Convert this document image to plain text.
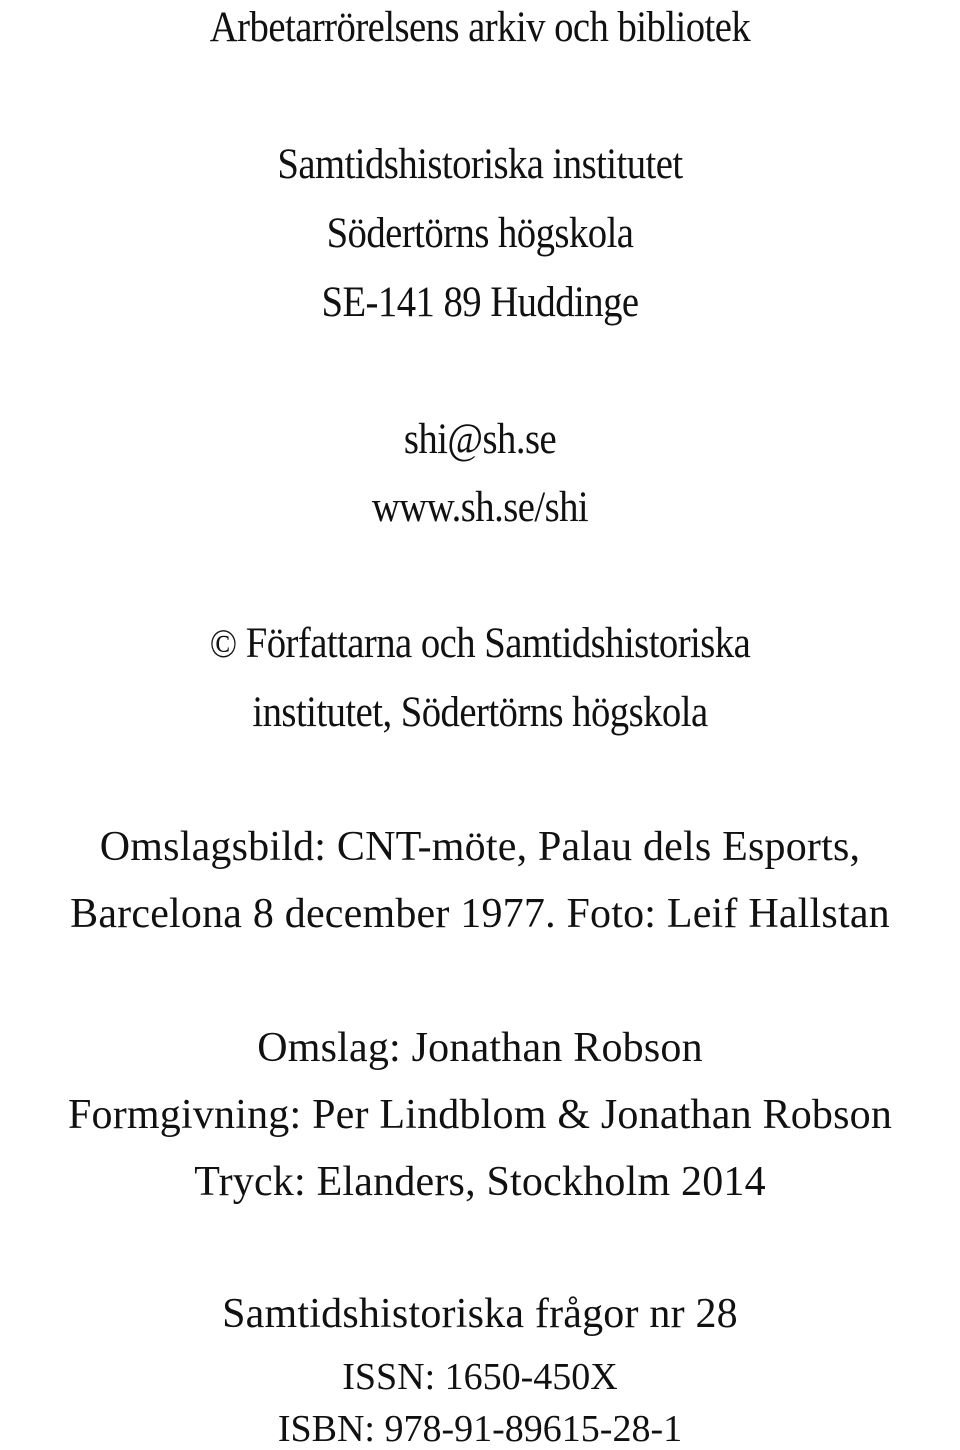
Arbetarrörelsens arkiv och bibliotek
Samtidshistoriska institutet
Södertörns högskola
SE-141 89 Huddinge
shi@sh.se
www.sh.se/shi
© Författarna och Samtidshistoriska
institutet, Södertörns högskola
Omslagsbild: CNT-möte, Palau dels Esports,
Barcelona 8 december 1977. Foto: Leif Hallstan
Omslag: Jonathan Robson
Formgivning: Per Lindblom & Jonathan Robson
Tryck: Elanders, Stockholm 2014
Samtidshistoriska frågor nr 28
ISSN: 1650-450X
ISBN: 978-91-89615-28-1
